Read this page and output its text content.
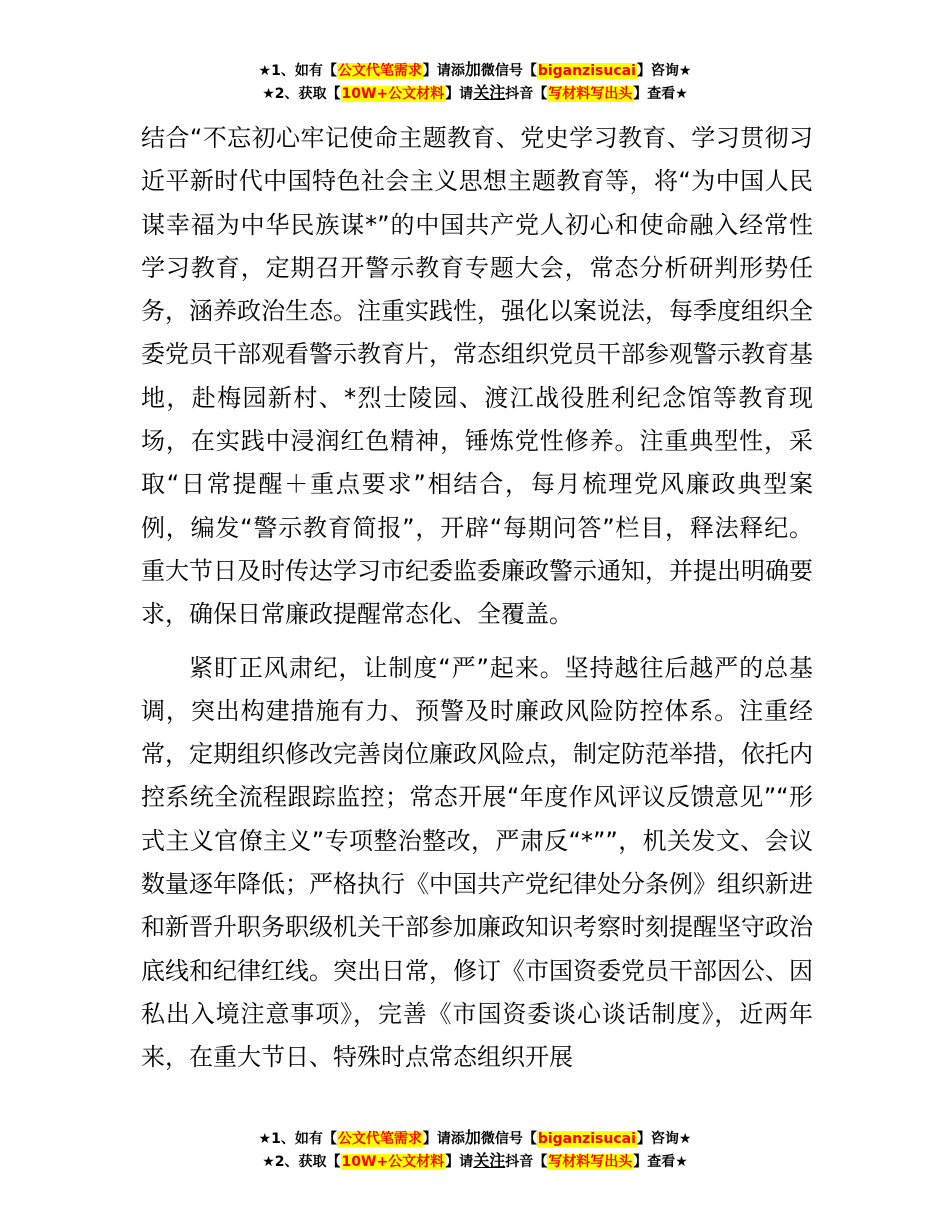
★1、如有【公文代笔需求】请添加微信号【biganzisucai】咨询★
★2、获取【10W+公文材料】请关注抖音【写材料写出头】查看★

结合“不忘初心牢记使命主题教育、党史学习教育、学习贯彻习近平新时代中国特色社会主义思想主题教育等，将“为中国人民谋幸福为中华民族谋*”的中国共产党人初心和使命融入经常性学习教育，定期召开警示教育专题大会，常态分析研判形势任务，涵养政治生态。注重实践性，强化以案说法，每季度组织全委党员干部观看警示教育片，常态组织党员干部参观警示教育基地，赴梅园新村、*烈士陵园、渡江战役胜利纪念馆等教育现场，在实践中浸润红色精神，锤炼党性修养。注重典型性，采取“日常提醒＋重点要求”相结合，每月梳理党风廉政典型案例，编发“警示教育简报”，开辟“每期问答”栏目，释法释纪。重大节日及时传达学习市纪委监委廉政警示通知，并提出明确要求，确保日常廉政提醒常态化、全覆盖。

紧盯正风肃纪，让制度“严”起来。坚持越往后越严的总基调，突出构建措施有力、预警及时廉政风险防控体系。注重经常，定期组织修改完善岗位廉政风险点，制定防范举措，依托内控系统全流程跟踪监控；常态开展“年度作风评议反馈意见”“形式主义官僚主义”专项整治整改，严肃反“*””，机关发文、会议数量逐年降低；严格执行《中国共产党纪律处分条例》组织新进和新晋升职务职级机关干部参加廉政知识考察时刻提醒坚守政治底线和纪律红线。突出日常，修订《市国资委党员干部因公、因私出入境注意事项》，完善《市国资委谈心谈话制度》，近两年来，在重大节日、特殊时点常态组织开展

★1、如有【公文代笔需求】请添加微信号【biganzisucai】咨询★
★2、获取【10W+公文材料】请关注抖音【写材料写出头】查看★
